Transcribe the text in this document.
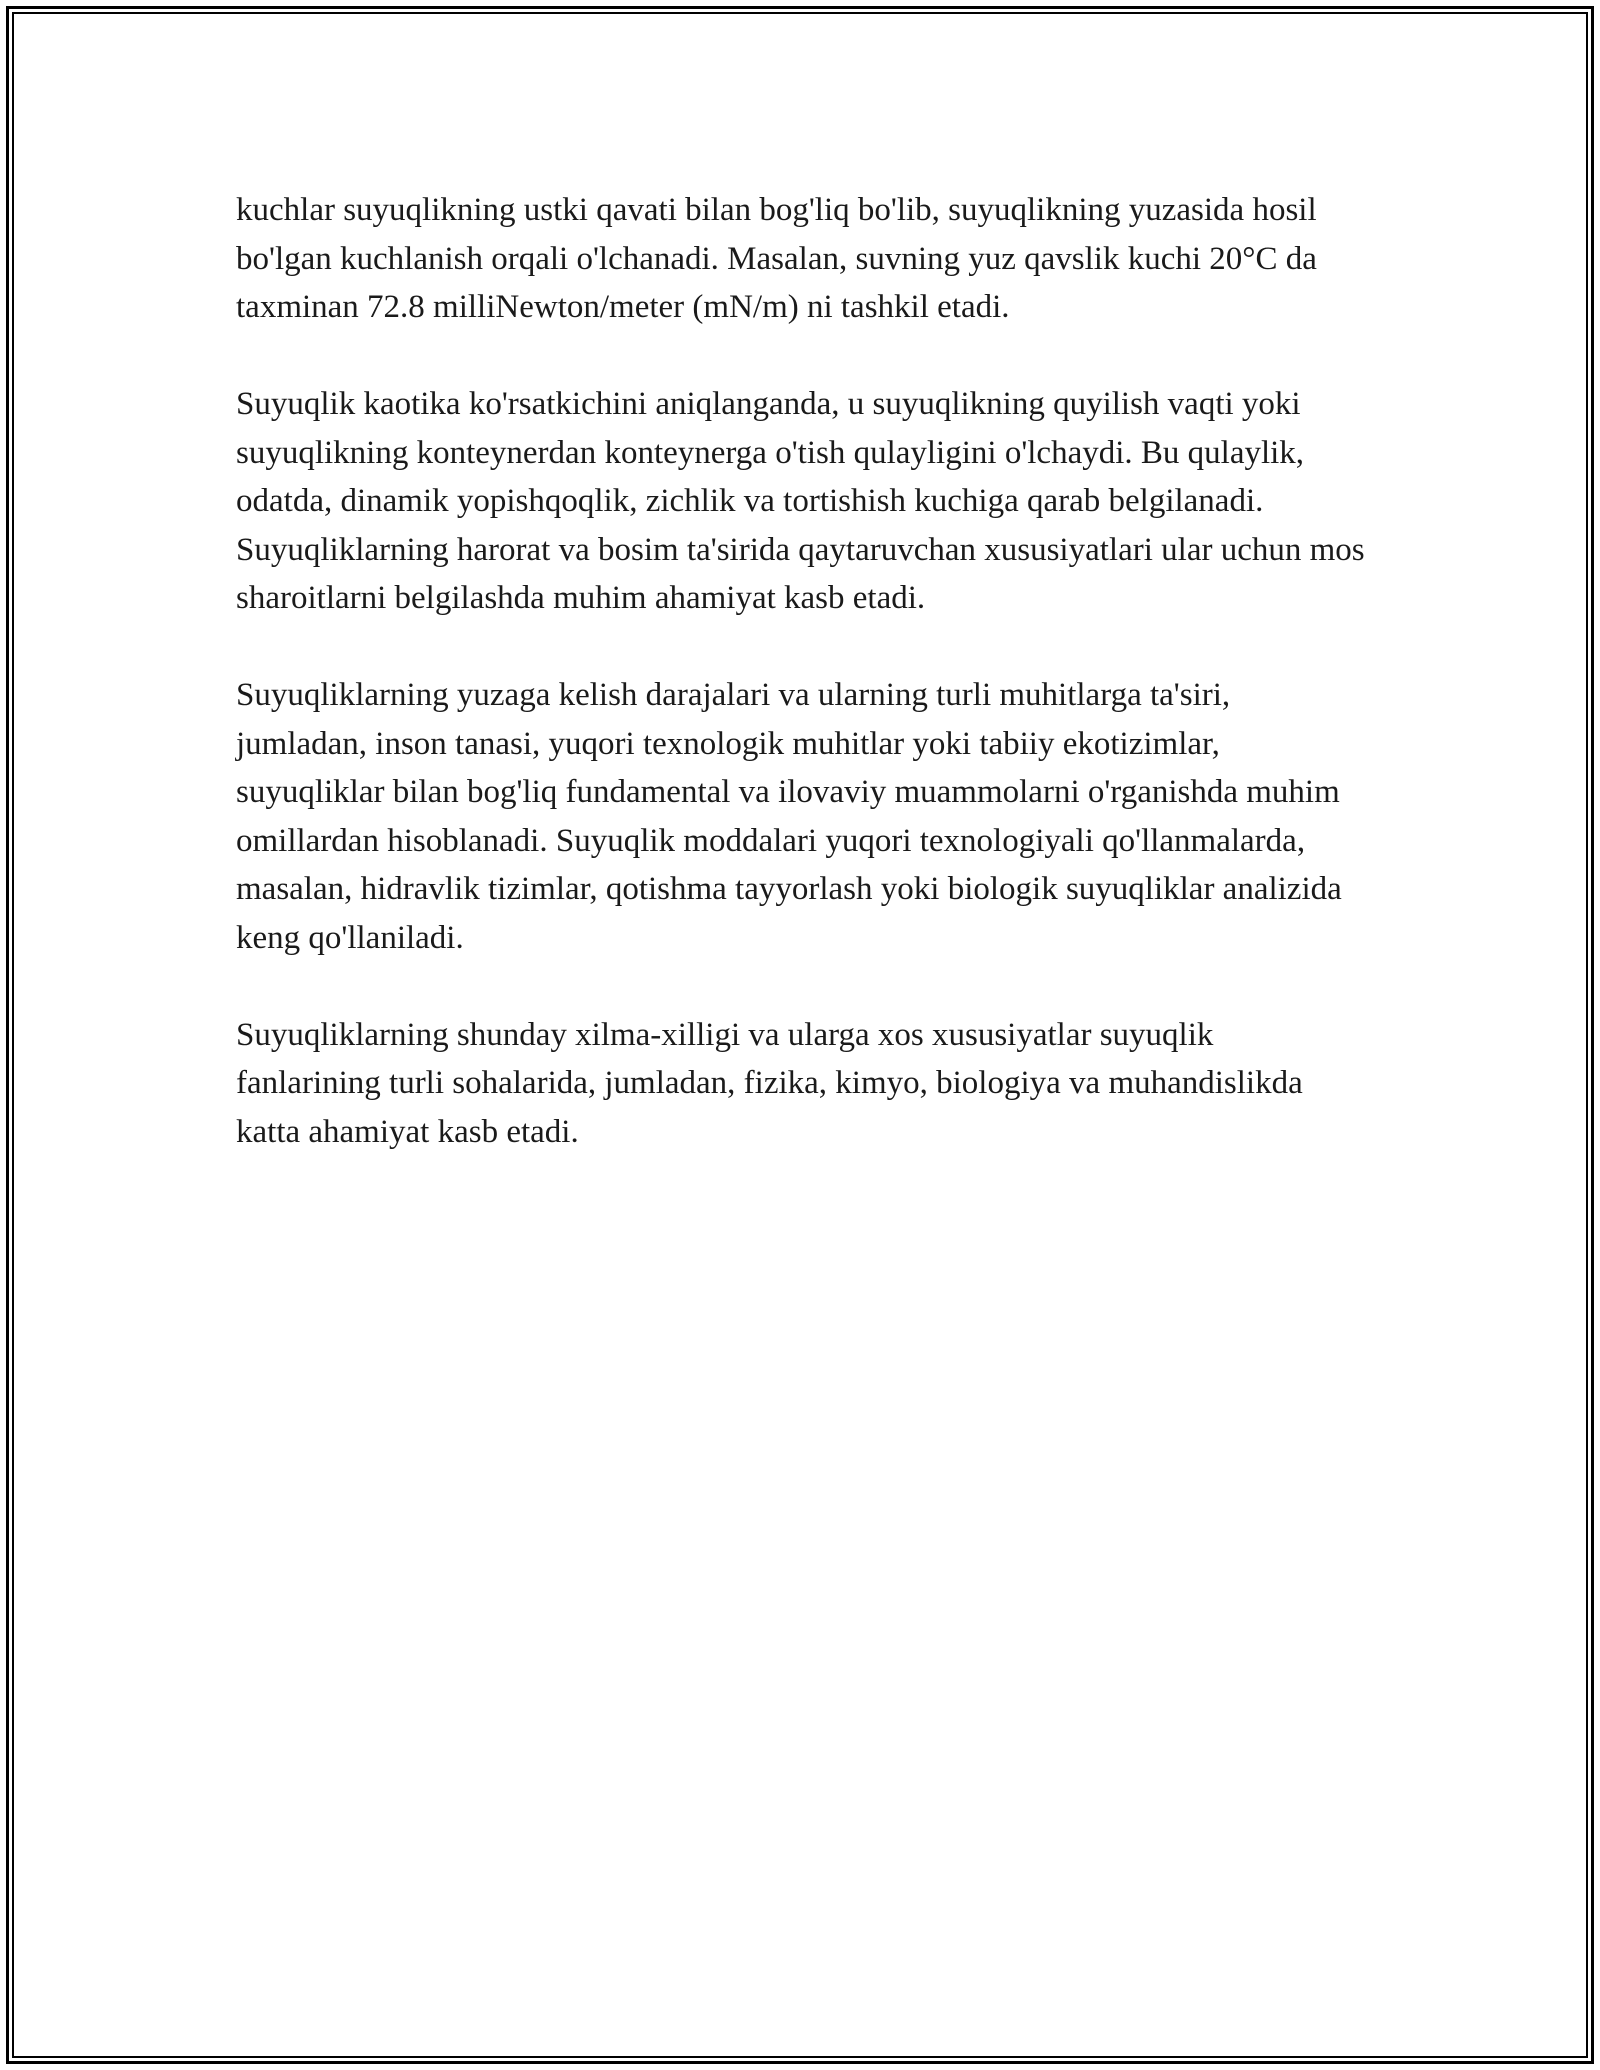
kuchlar suyuqlikning ustki qavati bilan bog'liq bo'lib, suyuqlikning yuzasida hosil bo'lgan kuchlanish orqali o'lchanadi. Masalan, suvning yuz qavslik kuchi 20°C da taxminan 72.8 milliNewton/meter (mN/m) ni tashkil etadi.

Suyuqlik kaotika ko'rsatkichini aniqlanganda, u suyuqlikning quyilish vaqti yoki suyuqlikning konteynerdan konteynerga o'tish qulayligini o'lchaydi. Bu qulaylik, odatda, dinamik yopishqoqlik, zichlik va tortishish kuchiga qarab belgilanadi. Suyuqliklarning harorat va bosim ta'sirida qaytaruvchan xususiyatlari ular uchun mos sharoitlarni belgilashda muhim ahamiyat kasb etadi.

Suyuqliklarning yuzaga kelish darajalari va ularning turli muhitlarga ta'siri, jumladan, inson tanasi, yuqori texnologik muhitlar yoki tabiiy ekotizimlar, suyuqliklar bilan bog'liq fundamental va ilovaviy muammolarni o'rganishda muhim omillardan hisoblanadi. Suyuqlik moddalari yuqori texnologiyali qo'llanmalarda, masalan, hidravlik tizimlar, qotishma tayyorlash yoki biologik suyuqliklar analizida keng qo'llaniladi.

Suyuqliklarning shunday xilma-xilligi va ularga xos xususiyatlar suyuqlik fanlarining turli sohalarida, jumladan, fizika, kimyo, biologiya va muhandislikda katta ahamiyat kasb etadi.
